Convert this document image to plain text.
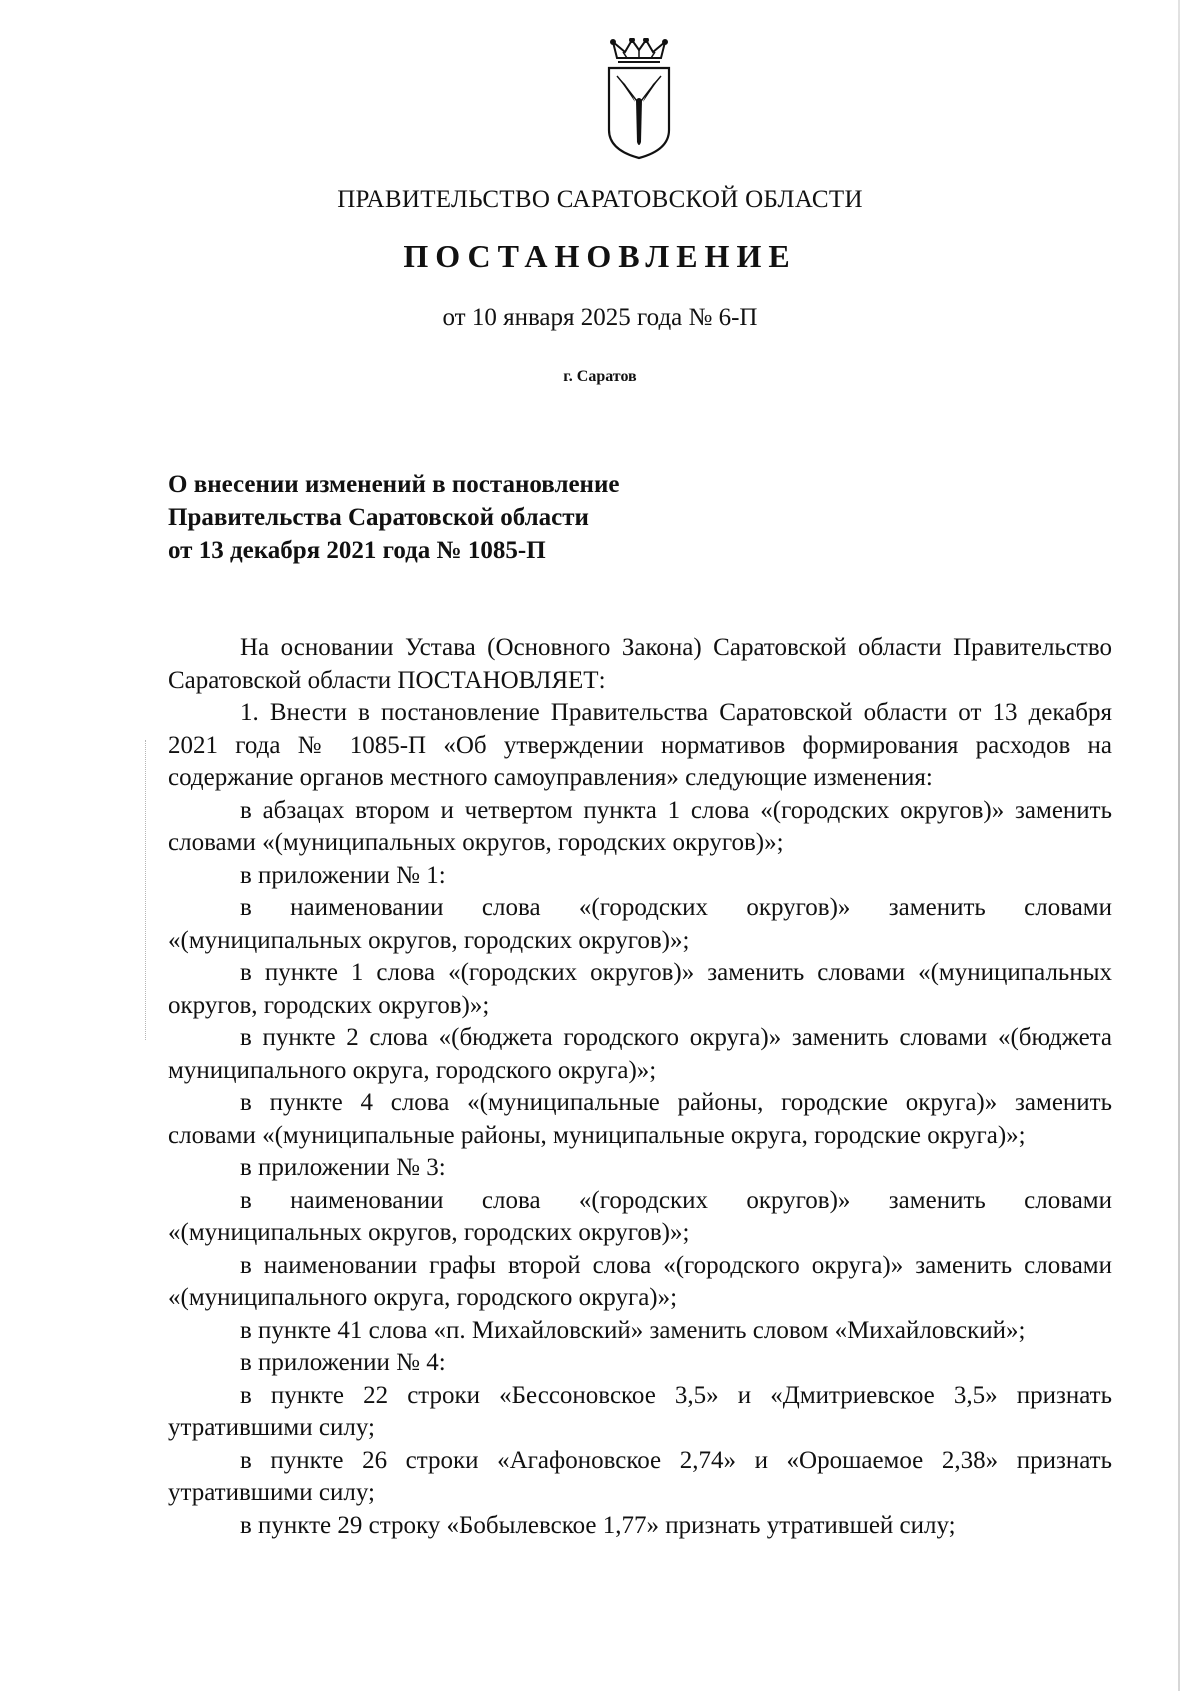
ПРАВИТЕЛЬСТВО САРАТОВСКОЙ ОБЛАСТИ
ПОСТАНОВЛЕНИЕ
от 10 января 2025 года № 6-П
г. Саратов
О внесении изменений в постановление
Правительства Саратовской области
от 13 декабря 2021 года № 1085-П

На основании Устава (Основного Закона) Саратовской области Правительство Саратовской области ПОСТАНОВЛЯЕТ:

1. Внести в постановление Правительства Саратовской области от 13 декабря 2021 года № 1085-П «Об утверждении нормативов формирования расходов на содержание органов местного самоуправления» следующие изменения:

в абзацах втором и четвертом пункта 1 слова «(городских округов)» заменить словами «(муниципальных округов, городских округов)»;

в приложении № 1:

в наименовании слова «(городских округов)» заменить словами «(муниципальных округов, городских округов)»;

в пункте 1 слова «(городских округов)» заменить словами «(муниципальных округов, городских округов)»;

в пункте 2 слова «(бюджета городского округа)» заменить словами «(бюджета муниципального округа, городского округа)»;

в пункте 4 слова «(муниципальные районы, городские округа)» заменить словами «(муниципальные районы, муниципальные округа, городские округа)»;

в приложении № 3:

в наименовании слова «(городских округов)» заменить словами «(муниципальных округов, городских округов)»;

в наименовании графы второй слова «(городского округа)» заменить словами «(муниципального округа, городского округа)»;

в пункте 41 слова «п. Михайловский» заменить словом «Михайловский»;

в приложении № 4:

в пункте 22 строки «Бессоновское 3,5» и «Дмитриевское 3,5» признать утратившими силу;

в пункте 26 строки «Агафоновское 2,74» и «Орошаемое 2,38» признать утратившими силу;

в пункте 29 строку «Бобылевское 1,77» признать утратившей силу;
